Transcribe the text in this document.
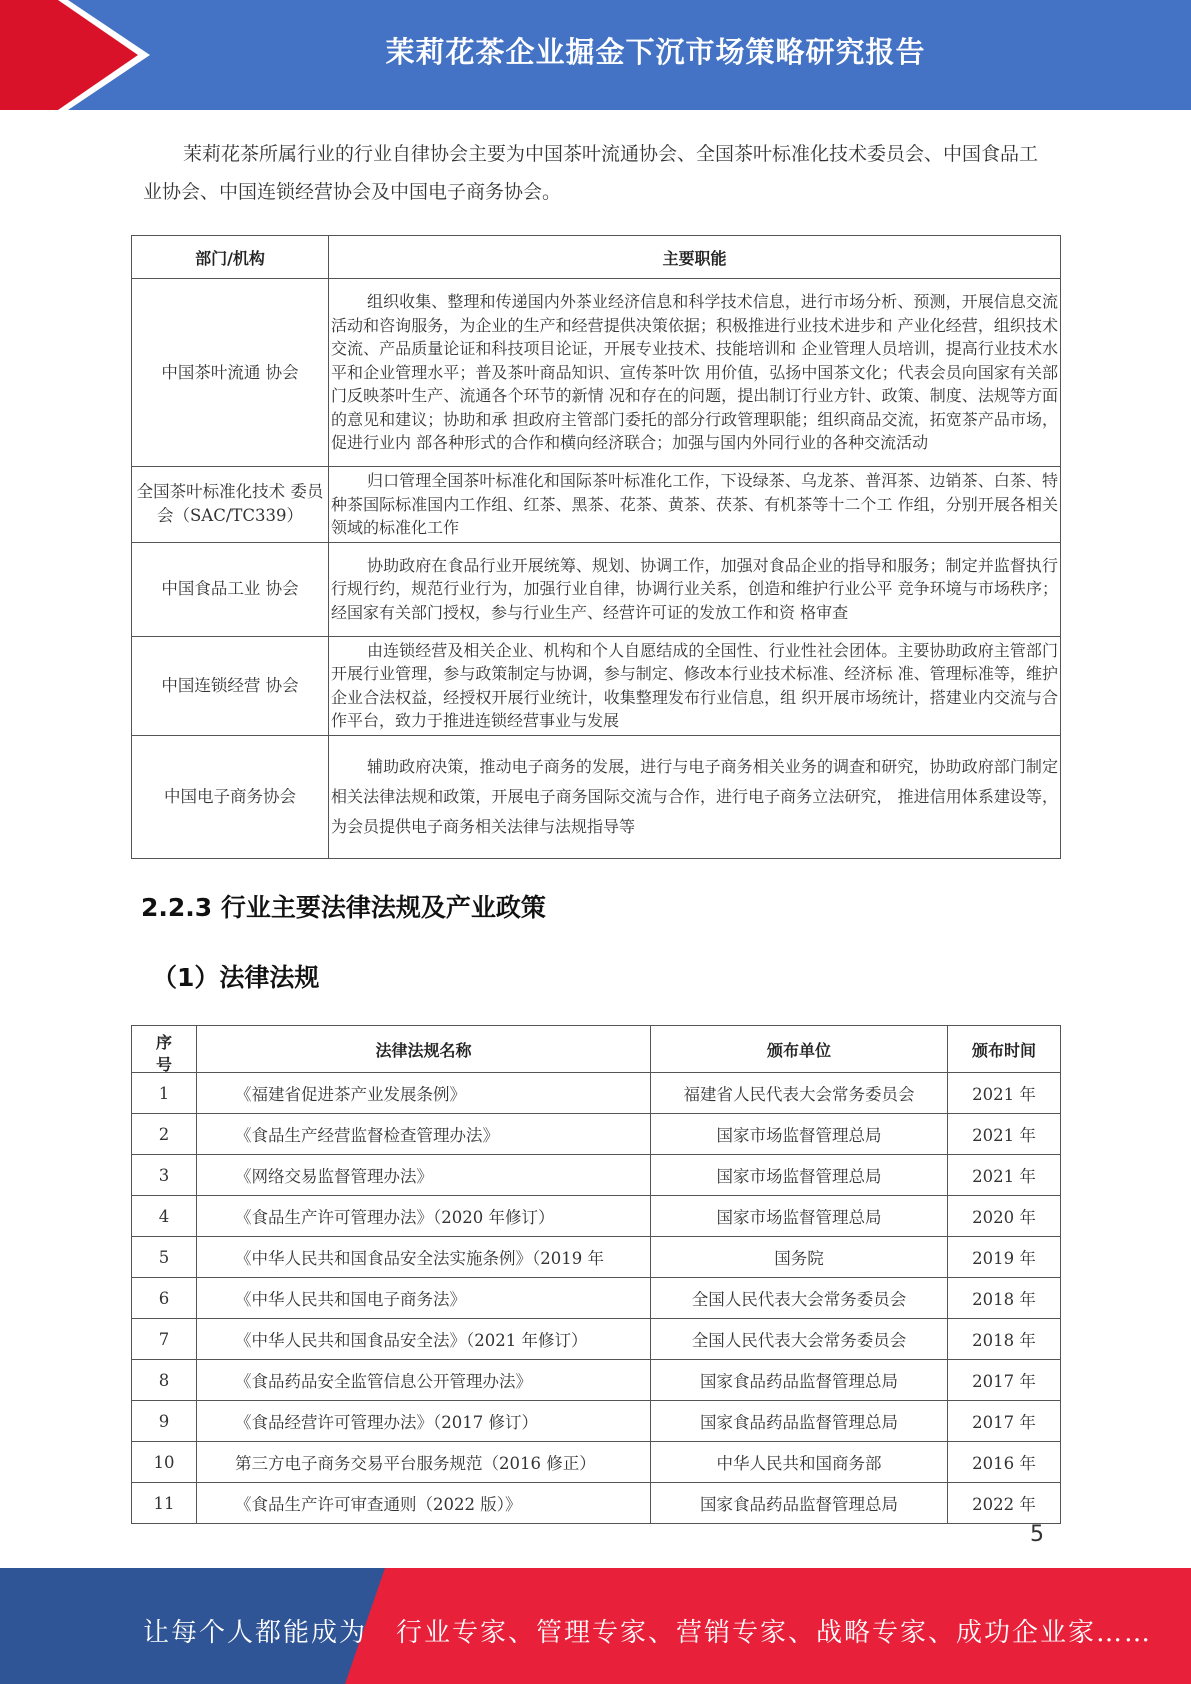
茉莉花茶企业掘金下沉市场策略研究报告
茉莉花茶所属行业的行业自律协会主要为中国茶叶流通协会、全国茶叶标准化技术委员会、中国食品工业协会、中国连锁经营协会及中国电子商务协会。
部门/机构	主要职能
中国茶叶流通 协会	组织收集、整理和传递国内外茶业经济信息和科学技术信息，进行市场分析、预测，开展信息交流活动和咨询服务，为企业的生产和经营提供决策依据；积极推进行业技术进步和 产业化经营，组织技术交流、产品质量论证和科技项目论证，开展专业技术、技能培训和 企业管理人员培训，提高行业技术水平和企业管理水平；普及茶叶商品知识、宣传茶叶饮 用价值，弘扬中国茶文化；代表会员向国家有关部门反映茶叶生产、流通各个环节的新情 况和存在的问题，提出制订行业方针、政策、制度、法规等方面的意见和建议；协助和承 担政府主管部门委托的部分行政管理职能；组织商品交流，拓宽茶产品市场，促进行业内 部各种形式的合作和横向经济联合；加强与国内外同行业的各种交流活动

全国茶叶标准化技术 委员会（SAC/TC339）	归口管理全国茶叶标准化和国际茶叶标准化工作，下设绿茶、乌龙茶、普洱茶、边销茶、白茶、特种茶国际标准国内工作组、红茶、黑茶、花茶、黄茶、茯茶、有机茶等十二个工 作组，分别开展各相关领域的标准化工作

中国食品工业 协会	协助政府在食品行业开展统筹、规划、协调工作，加强对食品企业的指导和服务；制定并监督执行行规行约，规范行业行为，加强行业自律，协调行业关系，创造和维护行业公平 竞争环境与市场秩序；经国家有关部门授权，参与行业生产、经营许可证的发放工作和资 格审查

中国连锁经营 协会	由连锁经营及相关企业、机构和个人自愿结成的全国性、行业性社会团体。主要协助政府主管部门开展行业管理，参与政策制定与协调，参与制定、修改本行业技术标准、经济标 准、管理标准等，维护企业合法权益，经授权开展行业统计，收集整理发布行业信息，组 织开展市场统计，搭建业内交流与合作平台，致力于推进连锁经营事业与发展

中国电子商务协会	辅助政府决策，推动电子商务的发展，进行与电子商务相关业务的调查和研究，协助政府部门制定相关法律法规和政策，开展电子商务国际交流与合作，进行电子商务立法研究， 推进信用体系建设等，为会员提供电子商务相关法律与法规指导等
2.2.3 行业主要法律法规及产业政策
（1）法律法规
序号	法律法规名称	颁布单位	颁布时间
1	《福建省促进茶产业发展条例》	福建省人民代表大会常务委员会	2021 年
2	《食品生产经营监督检查管理办法》	国家市场监督管理总局	2021 年
3	《网络交易监督管理办法》	国家市场监督管理总局	2021 年
4	《食品生产许可管理办法》（2020 年修订）	国家市场监督管理总局	2020 年
5	《中华人民共和国食品安全法实施条例》（2019 年	国务院	2019 年
6	《中华人民共和国电子商务法》	全国人民代表大会常务委员会	2018 年
7	《中华人民共和国食品安全法》（2021 年修订）	全国人民代表大会常务委员会	2018 年
8	《食品药品安全监管信息公开管理办法》	国家食品药品监督管理总局	2017 年
9	《食品经营许可管理办法》（2017 修订）	国家食品药品监督管理总局	2017 年
10	第三方电子商务交易平台服务规范（2016 修正）	中华人民共和国商务部	2016 年
11	《食品生产许可审查通则（2022 版）》	国家食品药品监督管理总局	2022 年
5
让每个人都能成为 行业专家、管理专家、营销专家、战略专家、成功企业家……
